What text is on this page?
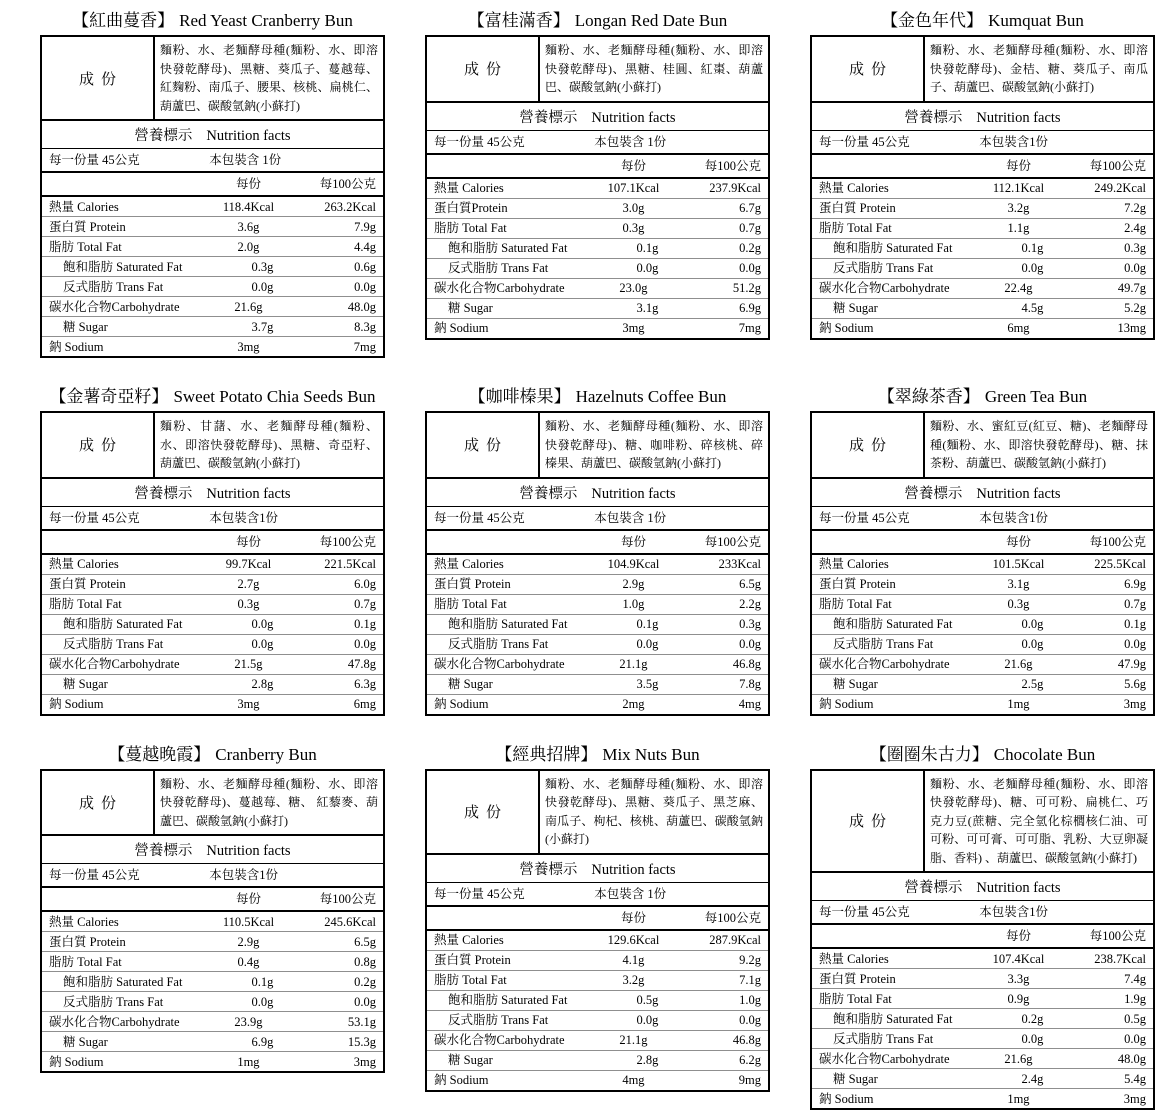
【紅曲蔓香】 Red Yeast Cranberry Bun
成份
麵粉、水、老麵酵母種(麵粉、水、即溶快發乾酵母)、黑糖、葵瓜子、蔓越莓、紅麴粉、南瓜子、腰果、核桃、扁桃仁、葫蘆巴、碳酸氫鈉(小蘇打)
營養標示 Nutrition facts
每一份量 45公克	本包裝含 1份
每份	每100公克
熱量 Calories	118.4Kcal	263.2Kcal
蛋白質 Protein	3.6g	7.9g
脂肪 Total Fat	2.0g	4.4g
飽和脂肪 Saturated Fat	0.3g	0.6g
反式脂肪 Trans Fat	0.0g	0.0g
碳水化合物Carbohydrate	21.6g	48.0g
糖 Sugar	3.7g	8.3g
鈉 Sodium	3mg	7mg
【富桂滿香】 Longan Red Date Bun
成份
麵粉、水、老麵酵母種(麵粉、水、即溶快發乾酵母)、黑糖、桂圓、紅棗、葫蘆巴、碳酸氫鈉(小蘇打)
營養標示 Nutrition facts
每一份量 45公克	本包裝含 1份
每份	每100公克
熱量 Calories	107.1Kcal	237.9Kcal
蛋白質Protein	3.0g	6.7g
脂肪 Total Fat	0.3g	0.7g
飽和脂肪 Saturated Fat	0.1g	0.2g
反式脂肪 Trans Fat	0.0g	0.0g
碳水化合物Carbohydrate	23.0g	51.2g
糖 Sugar	3.1g	6.9g
鈉 Sodium	3mg	7mg
【金色年代】 Kumquat Bun
成份
麵粉、水、老麵酵母種(麵粉、水、即溶快發乾酵母)、金桔、糖、葵瓜子、南瓜子、葫蘆巴、碳酸氫鈉(小蘇打)
營養標示 Nutrition facts
每一份量 45公克	本包裝含1份
每份	每100公克
熱量 Calories	112.1Kcal	249.2Kcal
蛋白質 Protein	3.2g	7.2g
脂肪 Total Fat	1.1g	2.4g
飽和脂肪 Saturated Fat	0.1g	0.3g
反式脂肪 Trans Fat	0.0g	0.0g
碳水化合物Carbohydrate	22.4g	49.7g
糖 Sugar	4.5g	5.2g
鈉 Sodium	6mg	13mg
【金薯奇亞籽】 Sweet Potato Chia Seeds Bun
成份
麵粉、甘藷、水、老麵酵母種(麵粉、水、即溶快發乾酵母)、黑糖、奇亞籽、葫蘆巴、碳酸氫鈉(小蘇打)
營養標示 Nutrition facts
每一份量 45公克	本包裝含1份
每份	每100公克
熱量 Calories	99.7Kcal	221.5Kcal
蛋白質 Protein	2.7g	6.0g
脂肪 Total Fat	0.3g	0.7g
飽和脂肪 Saturated Fat	0.0g	0.1g
反式脂肪 Trans Fat	0.0g	0.0g
碳水化合物Carbohydrate	21.5g	47.8g
糖 Sugar	2.8g	6.3g
鈉 Sodium	3mg	6mg
【咖啡榛果】 Hazelnuts Coffee Bun
成份
麵粉、水、老麵酵母種(麵粉、水、即溶快發乾酵母)、糖、咖啡粉、碎核桃、碎榛果、葫蘆巴、碳酸氫鈉(小蘇打)
營養標示 Nutrition facts
每一份量 45公克	本包裝含 1份
每份	每100公克
熱量 Calories	104.9Kcal	233Kcal
蛋白質 Protein	2.9g	6.5g
脂肪 Total Fat	1.0g	2.2g
飽和脂肪 Saturated Fat	0.1g	0.3g
反式脂肪 Trans Fat	0.0g	0.0g
碳水化合物Carbohydrate	21.1g	46.8g
糖 Sugar	3.5g	7.8g
鈉 Sodium	2mg	4mg
【翠綠茶香】 Green Tea Bun
成份
麵粉、水、蜜紅豆(紅豆、糖)、老麵酵母種(麵粉、水、即溶快發乾酵母)、糖、抹茶粉、葫蘆巴、碳酸氫鈉(小蘇打)
營養標示 Nutrition facts
每一份量 45公克	本包裝含1份
每份	每100公克
熱量 Calories	101.5Kcal	225.5Kcal
蛋白質 Protein	3.1g	6.9g
脂肪 Total Fat	0.3g	0.7g
飽和脂肪 Saturated Fat	0.0g	0.1g
反式脂肪 Trans Fat	0.0g	0.0g
碳水化合物Carbohydrate	21.6g	47.9g
糖 Sugar	2.5g	5.6g
鈉 Sodium	1mg	3mg
【蔓越晚霞】 Cranberry Bun
成份
麵粉、水、老麵酵母種(麵粉、水、即溶快發乾酵母)、蔓越莓、糖、 紅藜麥、葫蘆巴、碳酸氫鈉(小蘇打)
營養標示 Nutrition facts
每一份量 45公克	本包裝含1份
每份	每100公克
熱量 Calories	110.5Kcal	245.6Kcal
蛋白質 Protein	2.9g	6.5g
脂肪 Total Fat	0.4g	0.8g
飽和脂肪 Saturated Fat	0.1g	0.2g
反式脂肪 Trans Fat	0.0g	0.0g
碳水化合物Carbohydrate	23.9g	53.1g
糖 Sugar	6.9g	15.3g
鈉 Sodium	1mg	3mg
【經典招牌】 Mix Nuts Bun
成份
麵粉、水、老麵酵母種(麵粉、水、即溶快發乾酵母)、黑糖、葵瓜子、黑芝麻、南瓜子、枸杞、核桃、葫蘆巴、碳酸氫鈉(小蘇打)
營養標示 Nutrition facts
每一份量 45公克	本包裝含 1份
每份	每100公克
熱量 Calories	129.6Kcal	287.9Kcal
蛋白質 Protein	4.1g	9.2g
脂肪 Total Fat	3.2g	7.1g
飽和脂肪 Saturated Fat	0.5g	1.0g
反式脂肪 Trans Fat	0.0g	0.0g
碳水化合物Carbohydrate	21.1g	46.8g
糖 Sugar	2.8g	6.2g
鈉 Sodium	4mg	9mg
【圈圈朱古力】 Chocolate Bun
成份
麵粉、水、老麵酵母種(麵粉、水、即溶快發乾酵母)、糖、可可粉、扁桃仁、巧克力豆(蔗糖、完全氫化棕櫚核仁油、可可粉、可可膏、可可脂、乳粉、大豆卵凝脂、香料) 、葫蘆巴、碳酸氫鈉(小蘇打)
營養標示 Nutrition facts
每一份量 45公克	本包裝含1份
每份	每100公克
熱量 Calories	107.4Kcal	238.7Kcal
蛋白質 Protein	3.3g	7.4g
脂肪 Total Fat	0.9g	1.9g
飽和脂肪 Saturated Fat	0.2g	0.5g
反式脂肪 Trans Fat	0.0g	0.0g
碳水化合物Carbohydrate	21.6g	48.0g
糖 Sugar	2.4g	5.4g
鈉 Sodium	1mg	3mg
